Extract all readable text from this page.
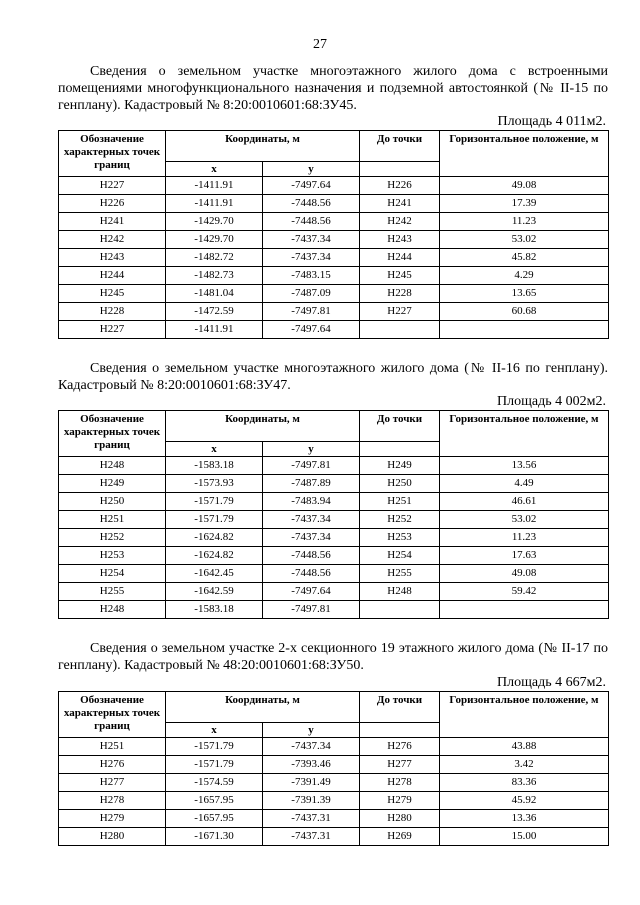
27

Сведения о земельном участке многоэтажного жилого дома с встроенными помещениями многофункционального назначения и подземной автостоянкой (№ II-15 по генплану). Кадастровый № 8:20:0010601:68:ЗУ45.

Площадь 4 011м2.
Обозначение характерных точек границ	Координаты, м		До точки	Горизонтальное положение, м
	x	y		
Н227	-1411.91	-7497.64	Н226	49.08
Н226	-1411.91	-7448.56	Н241	17.39
Н241	-1429.70	-7448.56	Н242	11.23
Н242	-1429.70	-7437.34	Н243	53.02
Н243	-1482.72	-7437.34	Н244	45.82
Н244	-1482.73	-7483.15	Н245	4.29
Н245	-1481.04	-7487.09	Н228	13.65
Н228	-1472.59	-7497.81	Н227	60.68
Н227	-1411.91	-7497.64		

Сведения о земельном участке многоэтажного жилого дома (№ II-16 по генплану). Кадастровый № 8:20:0010601:68:ЗУ47.

Площадь 4 002м2.
Обозначение характерных точек границ	Координаты, м		До точки	Горизонтальное положение, м
	x	y		
Н248	-1583.18	-7497.81	Н249	13.56
Н249	-1573.93	-7487.89	Н250	4.49
Н250	-1571.79	-7483.94	Н251	46.61
Н251	-1571.79	-7437.34	Н252	53.02
Н252	-1624.82	-7437.34	Н253	11.23
Н253	-1624.82	-7448.56	Н254	17.63
Н254	-1642.45	-7448.56	Н255	49.08
Н255	-1642.59	-7497.64	Н248	59.42
Н248	-1583.18	-7497.81		

Сведения о земельном участке 2-х секционного 19 этажного жилого дома (№ II-17 по генплану). Кадастровый № 48:20:0010601:68:ЗУ50.

Площадь 4 667м2.
Обозначение характерных точек границ	Координаты, м		До точки	Горизонтальное положение, м
	x	y		
Н251	-1571.79	-7437.34	Н276	43.88
Н276	-1571.79	-7393.46	Н277	3.42
Н277	-1574.59	-7391.49	Н278	83.36
Н278	-1657.95	-7391.39	Н279	45.92
Н279	-1657.95	-7437.31	Н280	13.36
Н280	-1671.30	-7437.31	Н269	15.00
